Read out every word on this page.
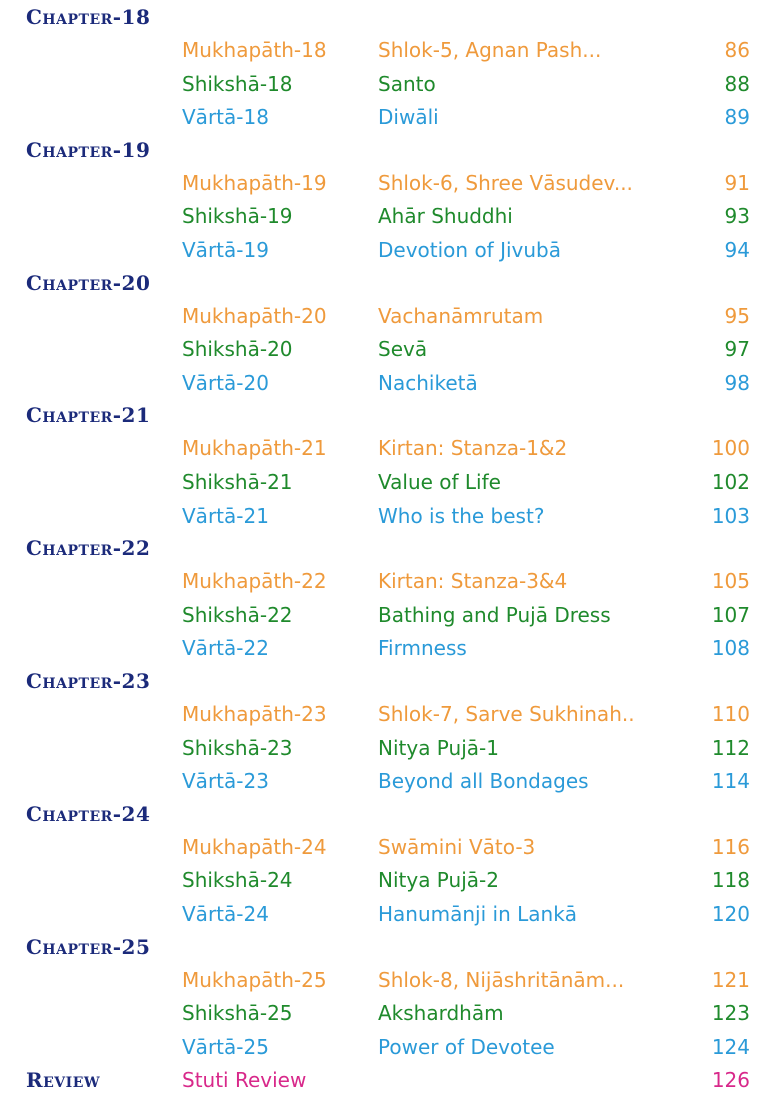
Chapter-18
Mukhapāth-18	Shlok-5, Agnan Pash...	86
Shikshā-18	Santo	88
Vārtā-18	Diwāli	89
Chapter-19
Mukhapāth-19	Shlok-6, Shree Vāsudev...	91
Shikshā-19	Ahār Shuddhi	93
Vārtā-19	Devotion of Jivubā	94
Chapter-20
Mukhapāth-20	Vachanāmrutam	95
Shikshā-20	Sevā	97
Vārtā-20	Nachiketā	98
Chapter-21
Mukhapāth-21	Kirtan: Stanza-1&2	100
Shikshā-21	Value of Life	102
Vārtā-21	Who is the best?	103
Chapter-22
Mukhapāth-22	Kirtan: Stanza-3&4	105
Shikshā-22	Bathing and Pujā Dress	107
Vārtā-22	Firmness	108
Chapter-23
Mukhapāth-23	Shlok-7, Sarve Sukhinah..	110
Shikshā-23	Nitya Pujā-1	112
Vārtā-23	Beyond all Bondages	114
Chapter-24
Mukhapāth-24	Swāmini Vāto-3	116
Shikshā-24	Nitya Pujā-2	118
Vārtā-24	Hanumānji in Lankā	120
Chapter-25
Mukhapāth-25	Shlok-8, Nijāshritānām...	121
Shikshā-25	Akshardhām	123
Vārtā-25	Power of Devotee	124
Review	Stuti Review	126
